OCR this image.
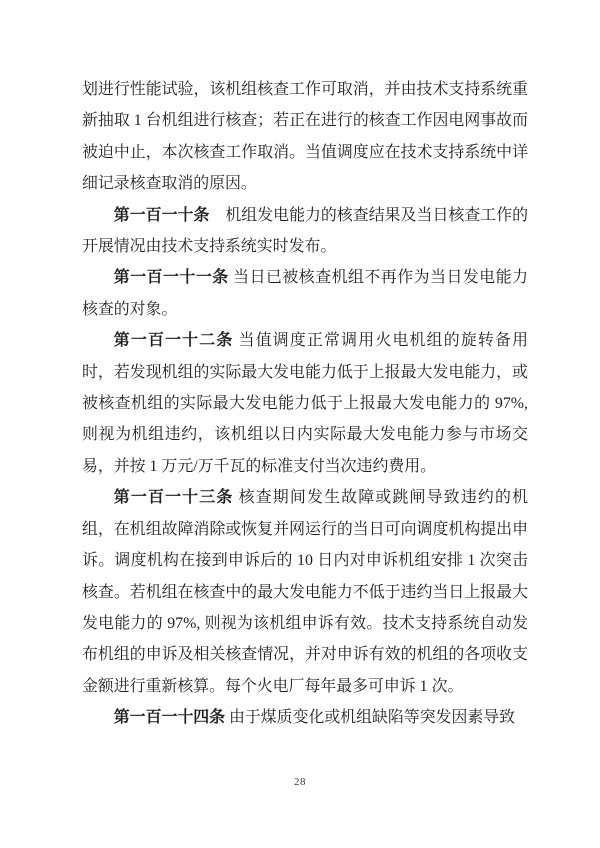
划进行性能试验，该机组核查工作可取消，并由技术支持系统重新抽取 1 台机组进行核查；若正在进行的核查工作因电网事故而被迫中止，本次核查工作取消。当值调度应在技术支持系统中详细记录核查取消的原因。

第一百一十条　机组发电能力的核查结果及当日核查工作的开展情况由技术支持系统实时发布。

第一百一十一条 当日已被核查机组不再作为当日发电能力核查的对象。

第一百一十二条 当值调度正常调用火电机组的旋转备用时，若发现机组的实际最大发电能力低于上报最大发电能力，或被核查机组的实际最大发电能力低于上报最大发电能力的 97%,则视为机组违约，该机组以日内实际最大发电能力参与市场交易，并按 1 万元/万千瓦的标准支付当次违约费用。

第一百一十三条 核查期间发生故障或跳闸导致违约的机组，在机组故障消除或恢复并网运行的当日可向调度机构提出申诉。调度机构在接到申诉后的 10 日内对申诉机组安排 1 次突击核查。若机组在核查中的最大发电能力不低于违约当日上报最大发电能力的 97%, 则视为该机组申诉有效。技术支持系统自动发布机组的申诉及相关核查情况，并对申诉有效的机组的各项收支金额进行重新核算。每个火电厂每年最多可申诉 1 次。

第一百一十四条 由于煤质变化或机组缺陷等突发因素导致

28
